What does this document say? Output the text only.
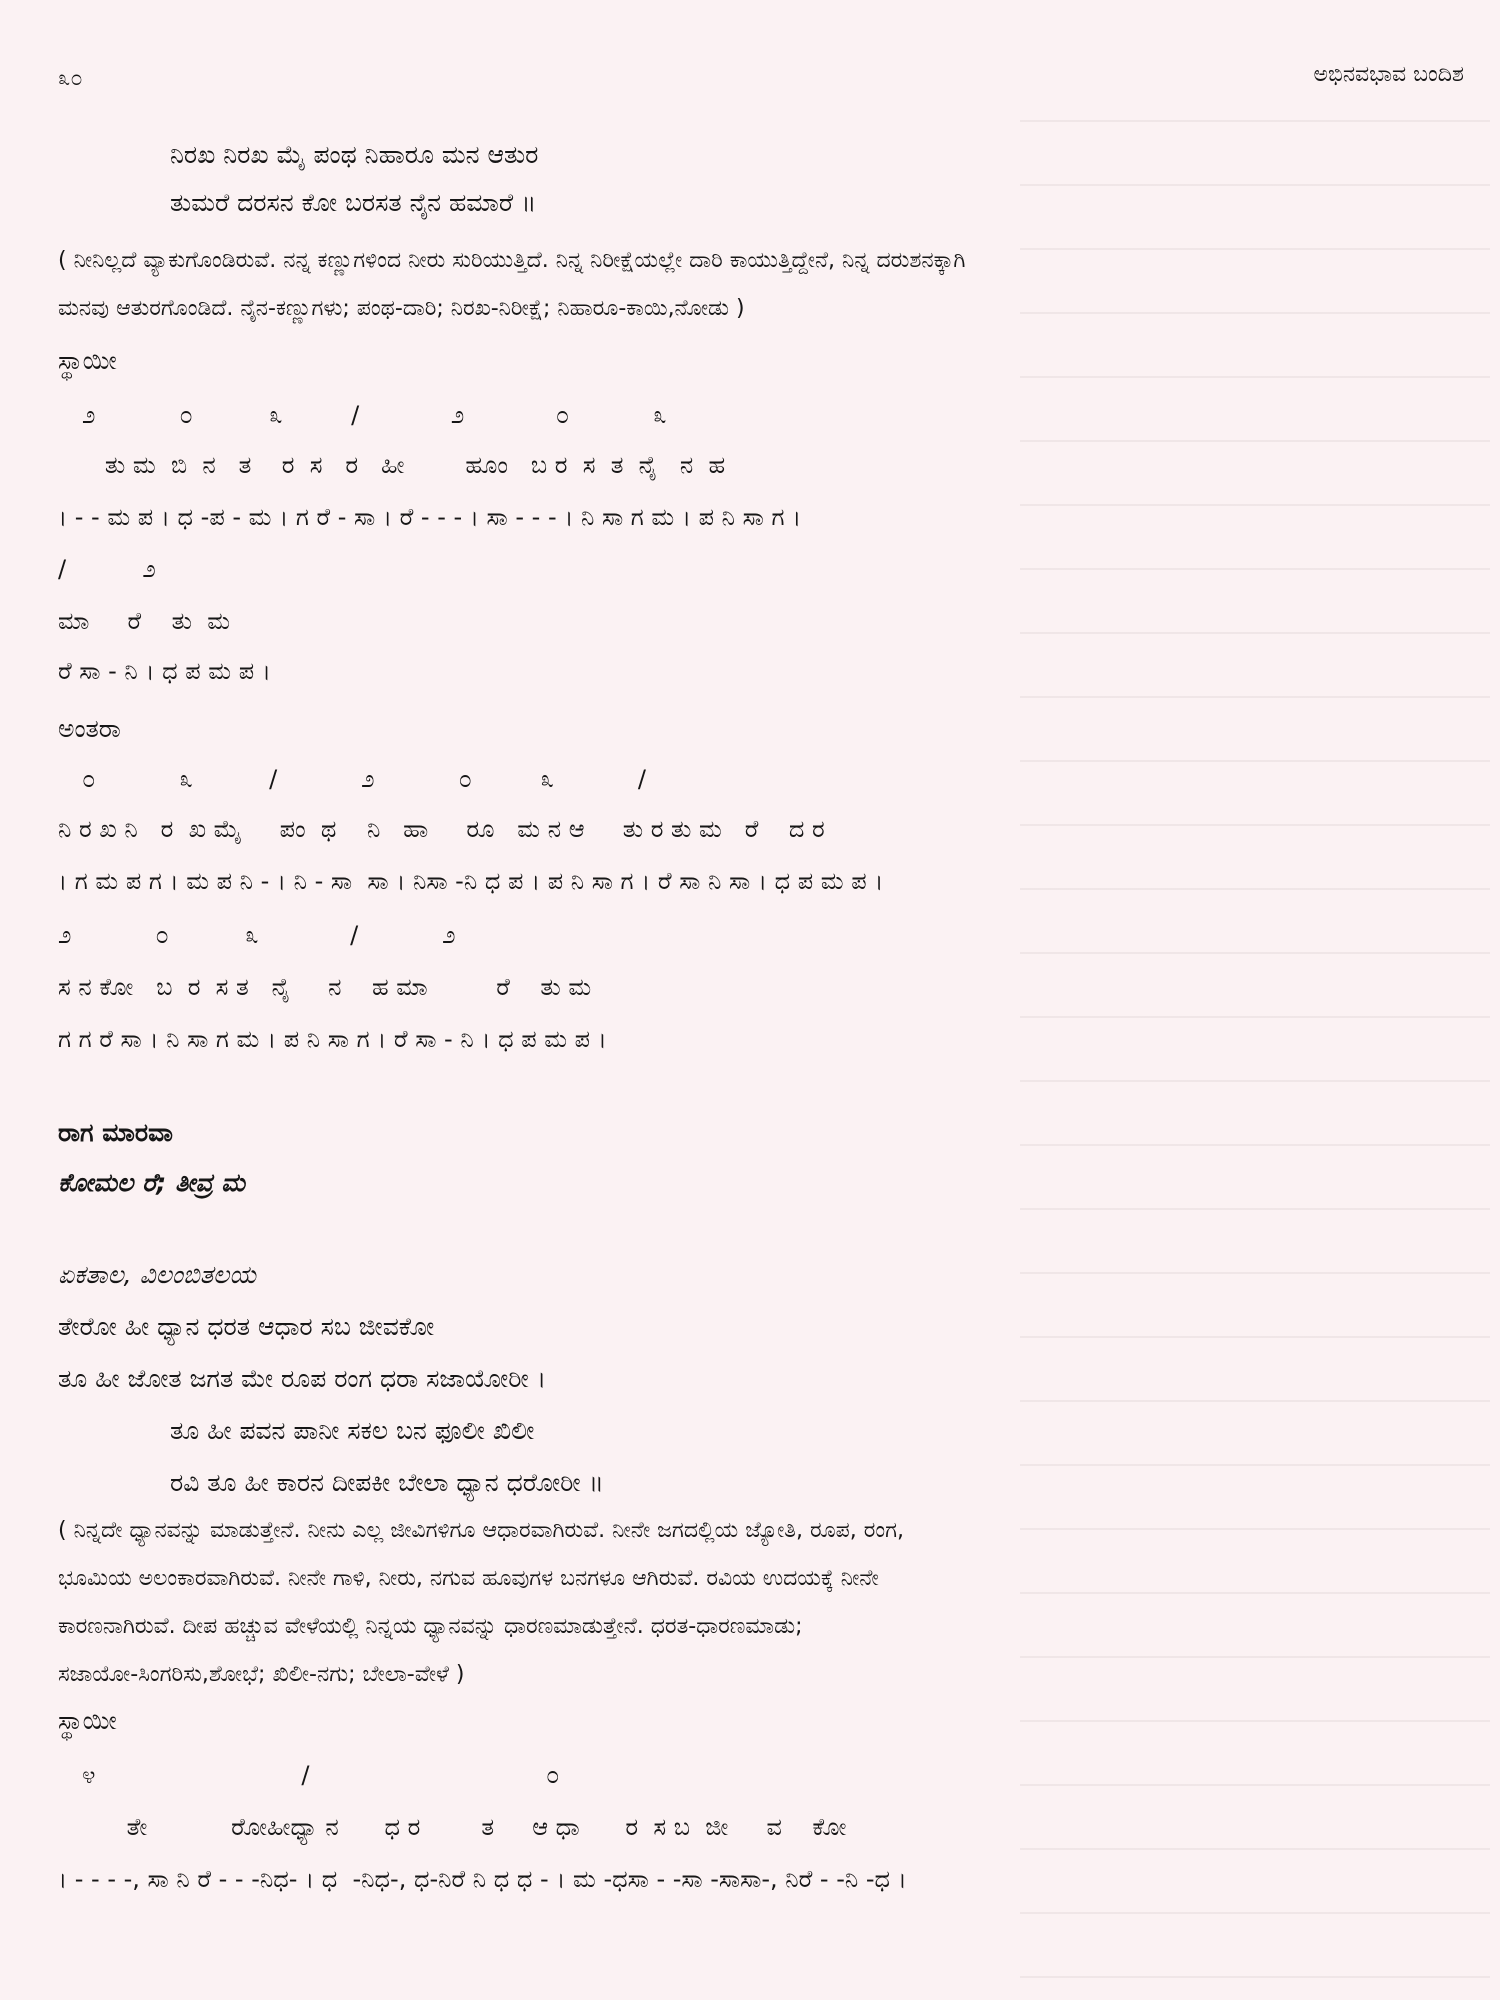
೩೦	ಅಭಿನವಭಾವ ಬಂದಿಶ
ನಿರಖ ನಿರಖ ಮೈ ಪಂಥ ನಿಹಾರೂ ಮನ ಆತುರ
ತುಮರೆ ದರಸನ ಕೋ ಬರಸತ ನೈನ ಹಮಾರೆ ॥
( ನೀನಿಲ್ಲದೆ ವ್ಯಾಕುಗೊಂಡಿರುವೆ. ನನ್ನ ಕಣ್ಣುಗಳಿಂದ ನೀರು ಸುರಿಯುತ್ತಿದೆ. ನಿನ್ನ ನಿರೀಕ್ಷೆಯಲ್ಲೇ ದಾರಿ ಕಾಯುತ್ತಿದ್ದೇನೆ, ನಿನ್ನ ದರುಶನಕ್ಕಾಗಿ
ಮನವು ಆತುರಗೊಂಡಿದೆ. ನೈನ-ಕಣ್ಣುಗಳು; ಪಂಥ-ದಾರಿ; ನಿರಖ-ನಿರೀಕ್ಷೆ; ನಿಹಾರೂ-ಕಾಯಿ,ನೋಡು )
ಸ್ಥಾಯೀ
೨           ೦          ೩         /            ೨            ೦           ೩
ತು ಮ  ಬಿ  ನ   ತ    ರ  ಸ   ರ   ಹೀ        ಹೂಂ   ಬ ರ  ಸ  ತ  ನೈ   ನ  ಹ
। - - ಮ ಪ । ಧ -ಪ - ಮ । ಗ ರೆ - ಸಾ । ರೆ - - - । ಸಾ - - - । ನಿ ಸಾ ಗ ಮ । ಪ ನಿ ಸಾ ಗ ।
/          ೨
ಮಾ     ರೆ    ತು  ಮ
ರೆ ಸಾ - ನಿ । ಧ ಪ ಮ ಪ ।
ಅಂತರಾ
೦           ೩          /           ೨           ೦         ೩           /
ನಿ ರ ಖ ನಿ   ರ  ಖ ಮೈ     ಪಂ  ಥ    ನಿ   ಹಾ     ರೂ   ಮ ನ ಆ     ತು ರ ತು ಮ   ರೆ    ದ ರ
। ಗ ಮ ಪ ಗ । ಮ ಪ ನಿ - । ನಿ - ಸಾ  ಸಾ । ನಿಸಾ -ನಿ ಧ ಪ । ಪ ನಿ ಸಾ ಗ । ರೆ ಸಾ ನಿ ಸಾ । ಧ ಪ ಮ ಪ ।
೨           ೦          ೩            /           ೨
ಸ ನ ಕೋ   ಬ  ರ  ಸ ತ   ನೈ     ನ    ಹ ಮಾ         ರೆ    ತು ಮ
ಗ ಗ ರೆ ಸಾ । ನಿ ಸಾ ಗ ಮ । ಪ ನಿ ಸಾ ಗ । ರೆ ಸಾ - ನಿ । ಧ ಪ ಮ ಪ ।
ರಾಗ ಮಾರವಾ
ಕೋಮಲ ರೆ; ತೀವ್ರ ಮ
ಏಕತಾಲ, ವಿಲಂಬಿತಲಯ
ತೇರೋ ಹೀ ಧ್ಯಾನ ಧರತ ಆಧಾರ ಸಬ ಜೀವಕೋ
ತೂ ಹೀ ಜೋತ ಜಗತ ಮೇ ರೂಪ ರಂಗ ಧರಾ ಸಜಾಯೋರೀ ।
ತೂ ಹೀ ಪವನ ಪಾನೀ ಸಕಲ ಬನ ಫೂಲೀ ಖಿಲೀ
ರವಿ ತೂ ಹೀ ಕಾರನ ದೀಪಕೀ ಬೇಲಾ ಧ್ಯಾನ ಧರೋರೀ ॥
( ನಿನ್ನದೇ ಧ್ಯಾನವನ್ನು ಮಾಡುತ್ತೇನೆ. ನೀನು ಎಲ್ಲ ಜೀವಿಗಳಿಗೂ ಆಧಾರವಾಗಿರುವೆ. ನೀನೇ ಜಗದಲ್ಲಿಯ ಜ್ಯೋತಿ, ರೂಪ, ರಂಗ,
ಭೂಮಿಯ ಅಲಂಕಾರವಾಗಿರುವೆ. ನೀನೇ ಗಾಳಿ, ನೀರು, ನಗುವ ಹೂವುಗಳ ಬನಗಳೂ ಆಗಿರುವೆ. ರವಿಯ ಉದಯಕ್ಕೆ ನೀನೇ
ಕಾರಣನಾಗಿರುವೆ. ದೀಪ ಹಚ್ಚುವ ವೇಳೆಯಲ್ಲಿ ನಿನ್ನಯ ಧ್ಯಾನವನ್ನು ಧಾರಣಮಾಡುತ್ತೇನೆ. ಧರತ-ಧಾರಣಮಾಡು;
ಸಜಾಯೋ-ಸಿಂಗರಿಸು,ಶೋಭೆ; ಖಿಲೀ-ನಗು; ಬೇಲಾ-ವೇಳೆ )
ಸ್ಥಾಯೀ
೪                           /                               ೦
ತೇ           ರೋಹೀಧ್ಯಾ ನ      ಧ ರ        ತ     ಆ ಧಾ      ರ  ಸ ಬ  ಜೀ     ವ    ಕೋ
। - - - -, ಸಾ ನಿ ರೆ - - -ನಿಧ- । ಧ  -ನಿಧ-, ಧ-ನಿರೆ ನಿ ಧ ಧ - । ಮ -ಧಸಾ - -ಸಾ -ಸಾಸಾ-, ನಿರೆ - -ನಿ -ಧ ।
